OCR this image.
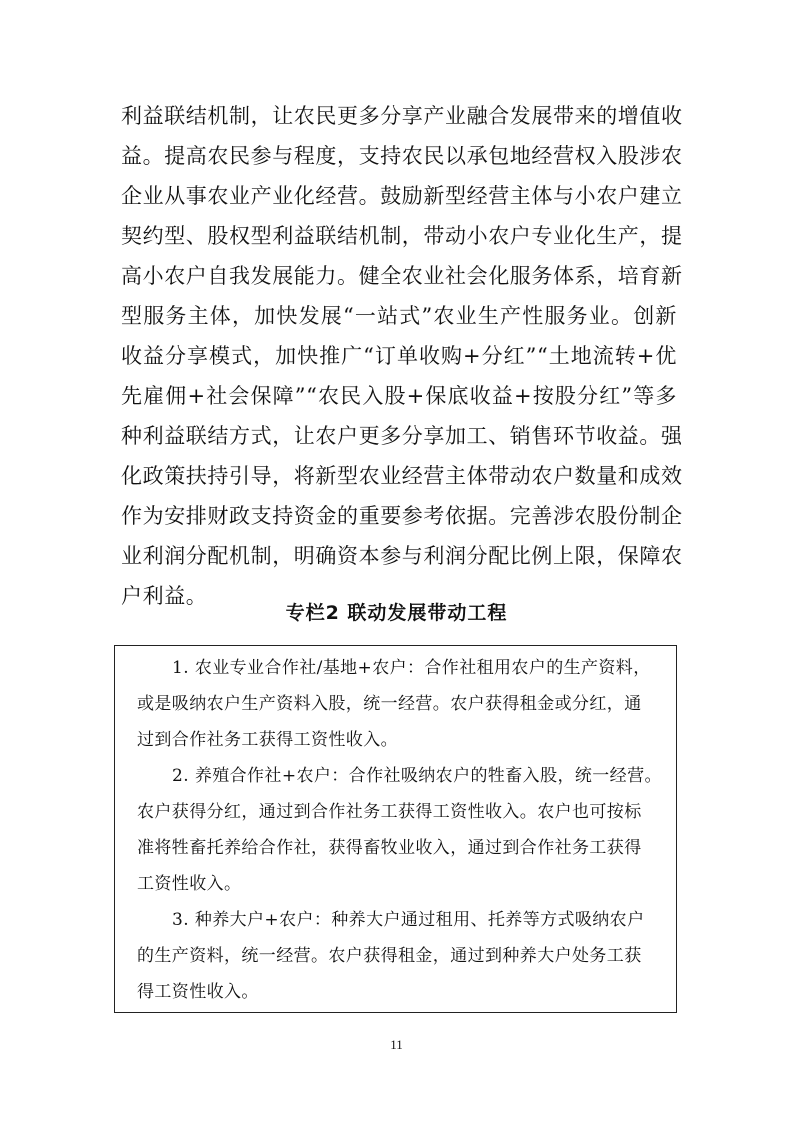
利益联结机制，让农民更多分享产业融合发展带来的增值收
益。提高农民参与程度，支持农民以承包地经营权入股涉农
企业从事农业产业化经营。鼓励新型经营主体与小农户建立
契约型、股权型利益联结机制，带动小农户专业化生产，提
高小农户自我发展能力。健全农业社会化服务体系，培育新
型服务主体，加快发展“一站式”农业生产性服务业。创新
收益分享模式，加快推广“订单收购+分红”“土地流转+优
先雇佣+社会保障”“农民入股+保底收益+按股分红”等多
种利益联结方式，让农户更多分享加工、销售环节收益。强
化政策扶持引导，将新型农业经营主体带动农户数量和成效
作为安排财政支持资金的重要参考依据。完善涉农股份制企
业利润分配机制，明确资本参与利润分配比例上限，保障农
户利益。
专栏2 联动发展带动工程
1. 农业专业合作社/基地+农户：合作社租用农户的生产资料，
或是吸纳农户生产资料入股，统一经营。农户获得租金或分红，通
过到合作社务工获得工资性收入。
2. 养殖合作社+农户：合作社吸纳农户的牲畜入股，统一经营。
农户获得分红，通过到合作社务工获得工资性收入。农户也可按标
准将牲畜托养给合作社，获得畜牧业收入，通过到合作社务工获得
工资性收入。
3. 种养大户+农户：种养大户通过租用、托养等方式吸纳农户
的生产资料，统一经营。农户获得租金，通过到种养大户处务工获
得工资性收入。
11
